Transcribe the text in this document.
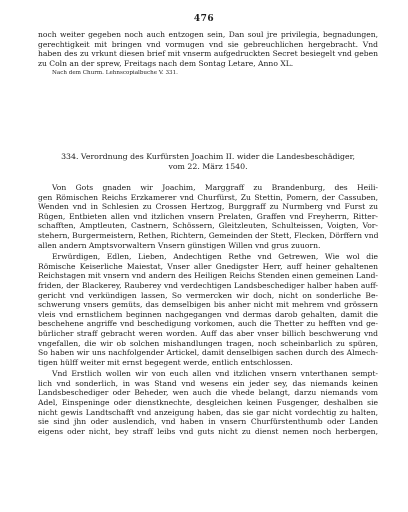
476
noch weiter gegeben noch auch entzogen sein, Dan soul jre privilegia, begnadungen,
gerechtigkeit mit bringen vnd vormugen vnd sie gebreuchlichen hergebracht. Vnd
haben des zu vrkunt diesen brief mit vnserm aufgedruckten Secret besiegelt vnd geben
zu Coln an der sprew, Freitags nach dem Sontag Letare, Anno XL.
Nach dem Churm. Lehnscopialbuche V. 331.
334. Verordnung des Kurfürsten Joachim II. wider die Landesbeschädiger,
vom 22. März 1540.
Von Gots gnaden wir Joachim, Marggraff zu Brandenburg, des Heili-
gen Römischen Reichs Erzkamerer vnd Churfürst, Zu Stettin, Pomern, der Cassuben,
Wenden vnd in Schlesien zu Crossen Hertzog, Burggraff zu Nurmberg vnd Furst zu
Rügen, Entbieten allen vnd itzlichen vnsern Prelaten, Graffen vnd Freyherrn, Ritter-
schafften, Amptleuten, Castnern, Schössern, Gleitzleuten, Schulteissen, Voigten, Vor-
stehern, Burgermeistern, Rethen, Richtern, Gemeinden der Stett, Flecken, Dörffern vnd
allen andern Amptsvorwaltern Vnsern günstigen Willen vnd grus zuuorn.
Erwürdigen, Edlen, Lieben, Andechtigen Rethe vnd Getrewen, Wie wol die
Römische Keiserliche Maiestat, Vnser aller Gnedigster Herr, auff heiner gehaltenen
Reichstagen mit vnsern vnd andern des Heiligen Reichs Stenden einen gemeinen Land-
friden, der Blackerey, Rauberey vnd verdechtigen Landsbeschediger halber haben auff-
gericht vnd verkündigen lassen, So vermercken wir doch, nicht on sonderliche Be-
schwerung vnsers gemüts, das demselbigen bis anher nicht mit mehrem vnd grössern
vleis vnd ernstlichem beginnen nachgegangen vnd dermas darob gehalten, damit die
beschehene angriffe vnd beschedigung vorkomen, auch die Thetter zu hefften vnd ge-
bürlicher straff gebracht weren worden. Auff das aber vnser billich beschwerung vnd
vngefallen, die wir ob solchen mishandlungen tragen, noch scheinbarlich zu spüren,
So haben wir uns nachfolgender Artickel, damit denselbigen sachen durch des Almech-
tigen hülff weiter mit ernst begegent werde, entlich entschlossen.
Vnd Erstlich wollen wir von euch allen vnd itzlichen vnsern vnterthanen sempt-
lich vnd sonderlich, in was Stand vnd wesens ein jeder sey, das niemands keinen
Landsbeschediger oder Beheder, wen auch die vhede belangt, darzu niemands vom
Adel, Einspeninge oder dienstknechte, desgleichen keinen Fusgenger, deshalben sie
nicht gewis Landtschafft vnd anzeigung haben, das sie gar nicht vordechtig zu halten,
sie sind jhn oder auslendich, vnd haben in vnsern Churfürstenthumb oder Landen
eigens oder nicht, bey straff leibs vnd guts nicht zu dienst nemen noch herbergen,
